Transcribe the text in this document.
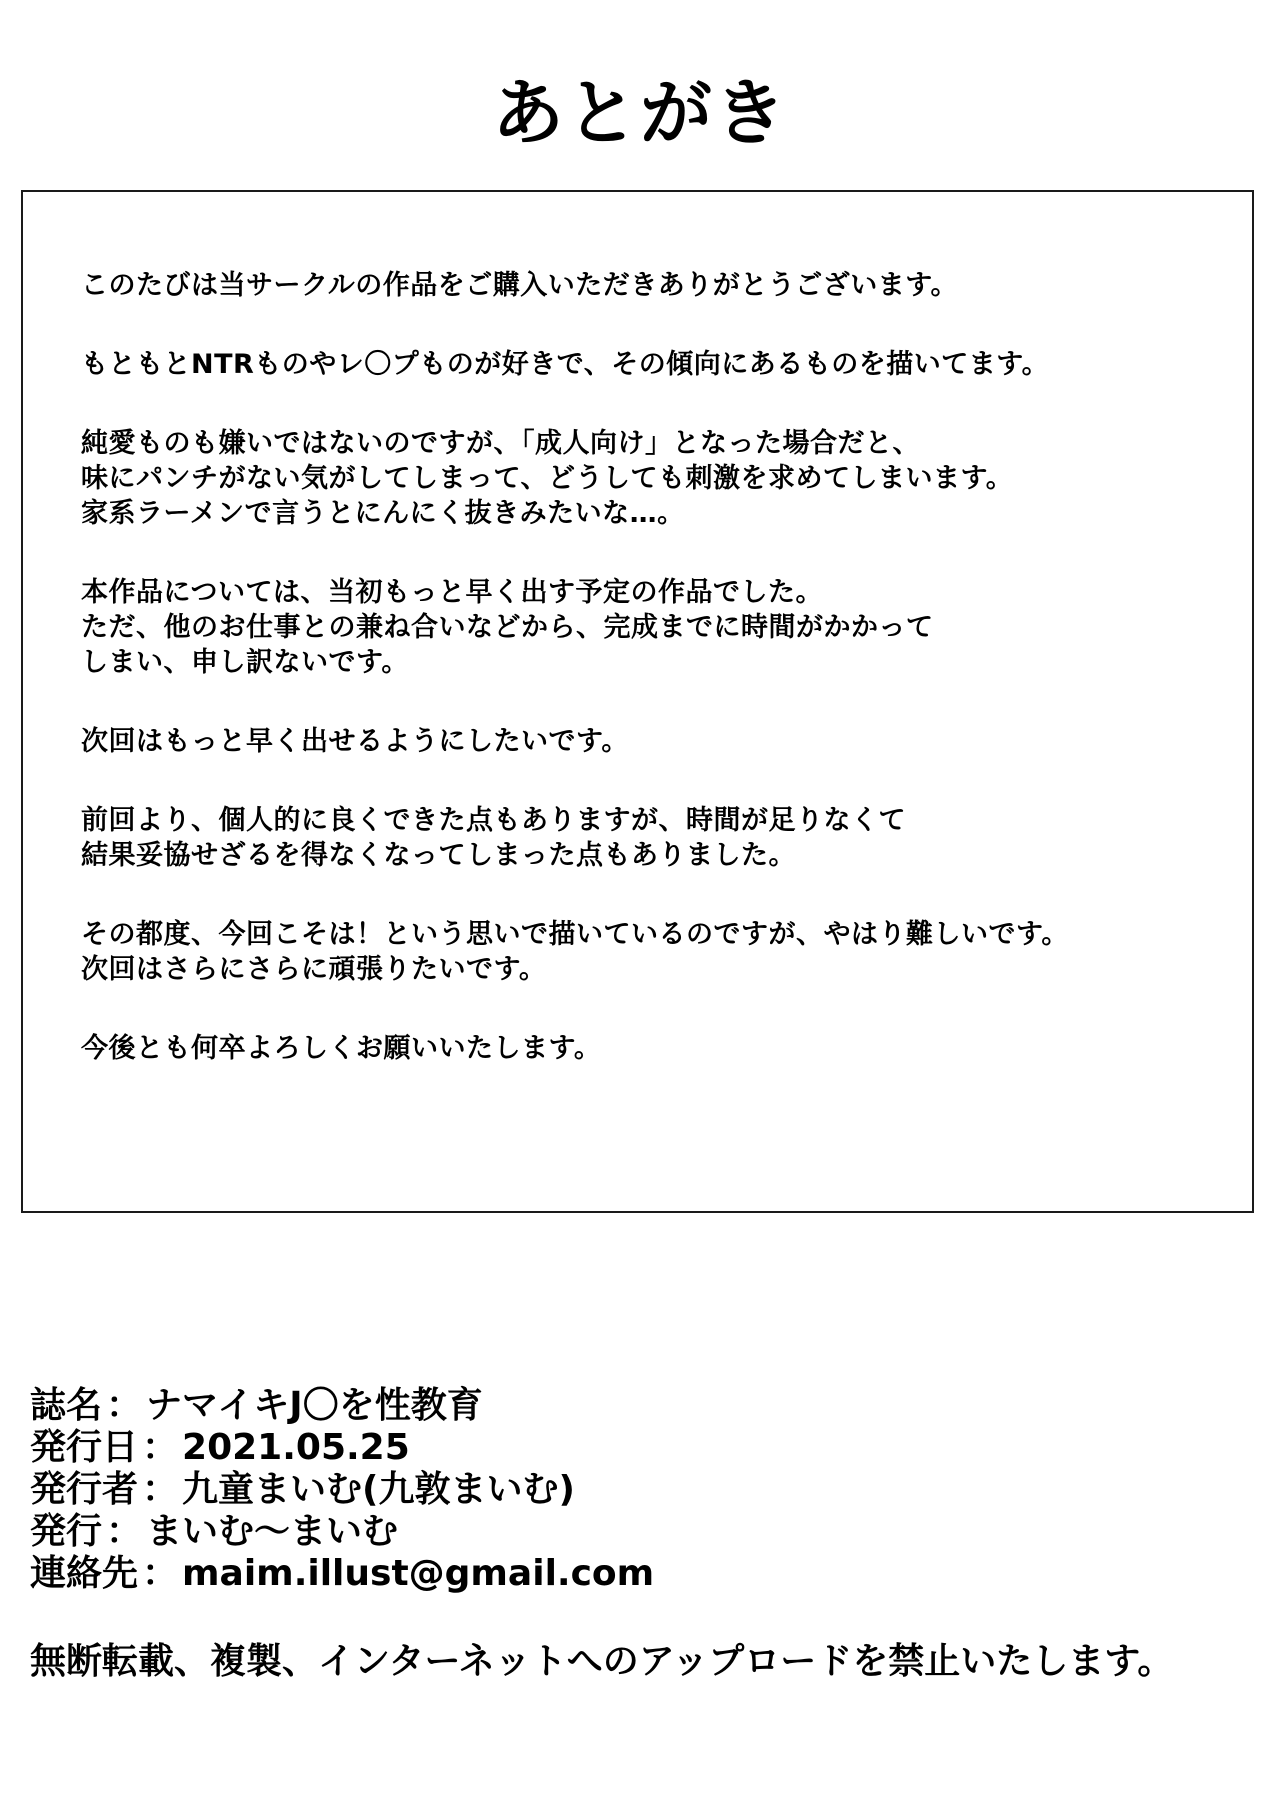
あとがき
このたびは当サークルの作品をご購入いただきありがとうございます。
もともとNTRものやレ〇プものが好きで、その傾向にあるものを描いてます。
純愛ものも嫌いではないのですが、「成人向け」となった場合だと、
味にパンチがない気がしてしまって、どうしても刺激を求めてしまいます。
家系ラーメンで言うとにんにく抜きみたいな…。
本作品については、当初もっと早く出す予定の作品でした。
ただ、他のお仕事との兼ね合いなどから、完成までに時間がかかって
しまい、申し訳ないです。
次回はもっと早く出せるようにしたいです。
前回より、個人的に良くできた点もありますが、時間が足りなくて
結果妥協せざるを得なくなってしまった点もありました。
その都度、今回こそは！という思いで描いているのですが、やはり難しいです。
次回はさらにさらに頑張りたいです。
今後とも何卒よろしくお願いいたします。
誌名 ： ナマイキJ〇を性教育
発行日 ： 2021.05.25
発行者 ： 九童まいむ(九敦まいむ)
発行 ： まいむ～まいむ
連絡先 ： maim.illust@gmail.com
無断転載、複製、インターネットへのアップロードを禁止いたします。
